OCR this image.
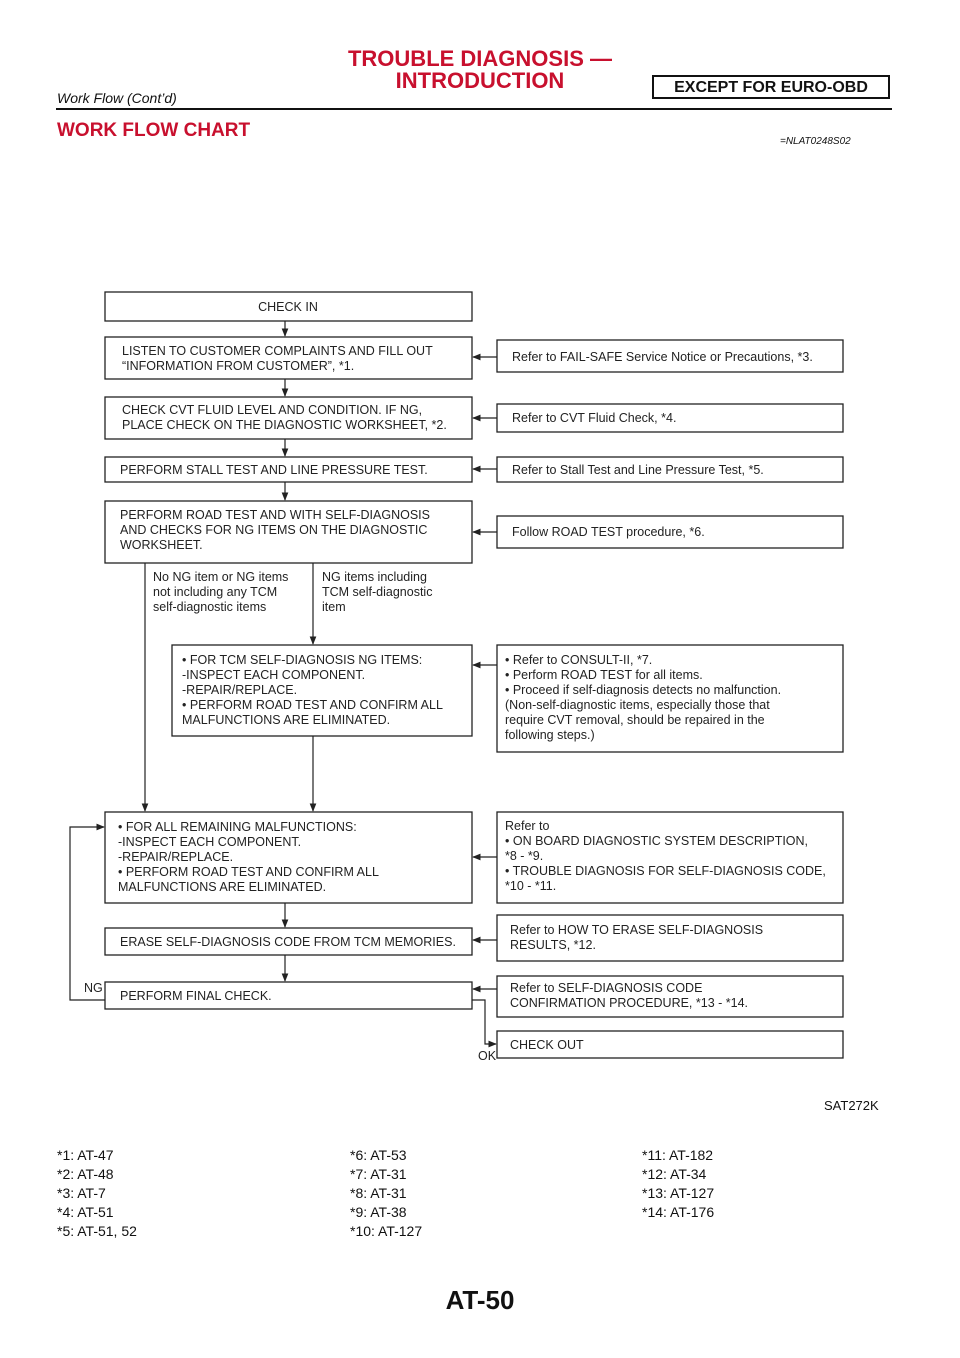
TROUBLE DIAGNOSIS —
INTRODUCTION	EXCEPT FOR EURO-OBD
Work Flow (Cont’d)
WORK FLOW CHART
=NLAT0248S02
CHECK IN
LISTEN TO CUSTOMER COMPLAINTS AND FILL OUT
“INFORMATION FROM CUSTOMER”, *1.
CHECK CVT FLUID LEVEL AND CONDITION. IF NG,
PLACE CHECK ON THE DIAGNOSTIC WORKSHEET, *2.
PERFORM STALL TEST AND LINE PRESSURE TEST.
PERFORM ROAD TEST AND WITH SELF-DIAGNOSIS
AND CHECKS FOR NG ITEMS ON THE DIAGNOSTIC
WORKSHEET.
• FOR TCM SELF-DIAGNOSIS NG ITEMS:
-INSPECT EACH COMPONENT.
-REPAIR/REPLACE.
• PERFORM ROAD TEST AND CONFIRM ALL
MALFUNCTIONS ARE ELIMINATED.
• FOR ALL REMAINING MALFUNCTIONS:
-INSPECT EACH COMPONENT.
-REPAIR/REPLACE.
• PERFORM ROAD TEST AND CONFIRM ALL
MALFUNCTIONS ARE ELIMINATED.
ERASE SELF-DIAGNOSIS CODE FROM TCM MEMORIES.
PERFORM FINAL CHECK.
CHECK OUT
Refer to FAIL-SAFE Service Notice or Precautions, *3.
Refer to CVT Fluid Check, *4.
Refer to Stall Test and Line Pressure Test, *5.
Follow ROAD TEST procedure, *6.
• Refer to CONSULT-II, *7.
• Perform ROAD TEST for all items.
• Proceed if self-diagnosis detects no malfunction.
(Non-self-diagnostic items, especially those that
require CVT removal, should be repaired in the
following steps.)
Refer to
• ON BOARD DIAGNOSTIC SYSTEM DESCRIPTION,
*8 - *9.
• TROUBLE DIAGNOSIS FOR SELF-DIAGNOSIS CODE,
*10 - *11.
Refer to HOW TO ERASE SELF-DIAGNOSIS
RESULTS, *12.
Refer to SELF-DIAGNOSIS CODE
CONFIRMATION PROCEDURE, *13 - *14.
No NG item or NG items
not including any TCM
self-diagnostic items
NG items including
TCM self-diagnostic
item
NG
OK
SAT272K
*1: AT-47
*2: AT-48
*3: AT-7
*4: AT-51
*5: AT-51, 52
*6: AT-53
*7: AT-31
*8: AT-31
*9: AT-38
*10: AT-127
*11: AT-182
*12: AT-34
*13: AT-127
*14: AT-176
AT-50
